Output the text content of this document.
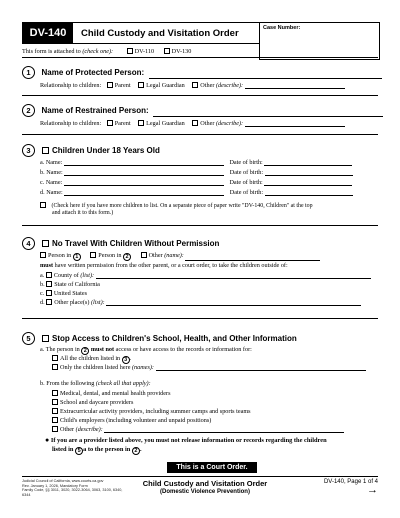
DV-140	Child Custody and Visitation Order	Case Number:
This form is attached to (check one):	DV-110	DV-130
1 Name of Protected Person:
Relationship to children: Parent	Legal Guardian	Other (describe):
2 Name of Restrained Person:
Relationship to children: Parent	Legal Guardian	Other (describe):
3	Children Under 18 Years Old
a. Name:	Date of birth:
b. Name:	Date of birth:
c. Name:	Date of birth:
d. Name:	Date of birth:
(Check here if you have more children to list. On a separate piece of paper write "DV-140, Children" at the top
and attach it to this form.)
4	No Travel With Children Without Permission
Person in 1	Person in 2	Other (name):
must have written permission from the other parent, or a court order, to take the children outside of:
a. County of (list):
b. State of California
c. United States
d. Other place(s) (list):
5	Stop Access to Children's School, Health, and Other Information
a. The person in 2 must not access or have access to the records or information for:
All the children listed in 3 .
Only the children listed here (names):
b. From the following (check all that apply):
Medical, dental, and mental health providers
School and daycare providers
Extracurricular activity providers, including summer camps and sports teams
Child's employers (including volunteer and unpaid positions)
Other (describe):
● If you are a provider listed above, you must not release information or records regarding the children
listed in 5 a to the person in 2 .
This is a Court Order.
Judicial Council of California, www.courts.ca.gov
Rev. January 1, 2026, Mandatory Form
Family Code, §§ 3011, 3020, 3022-3064, 3063, 3100, 6340,
6344
Child Custody and Visitation Order
(Domestic Violence Prevention)
DV-140, Page 1 of 4
→
